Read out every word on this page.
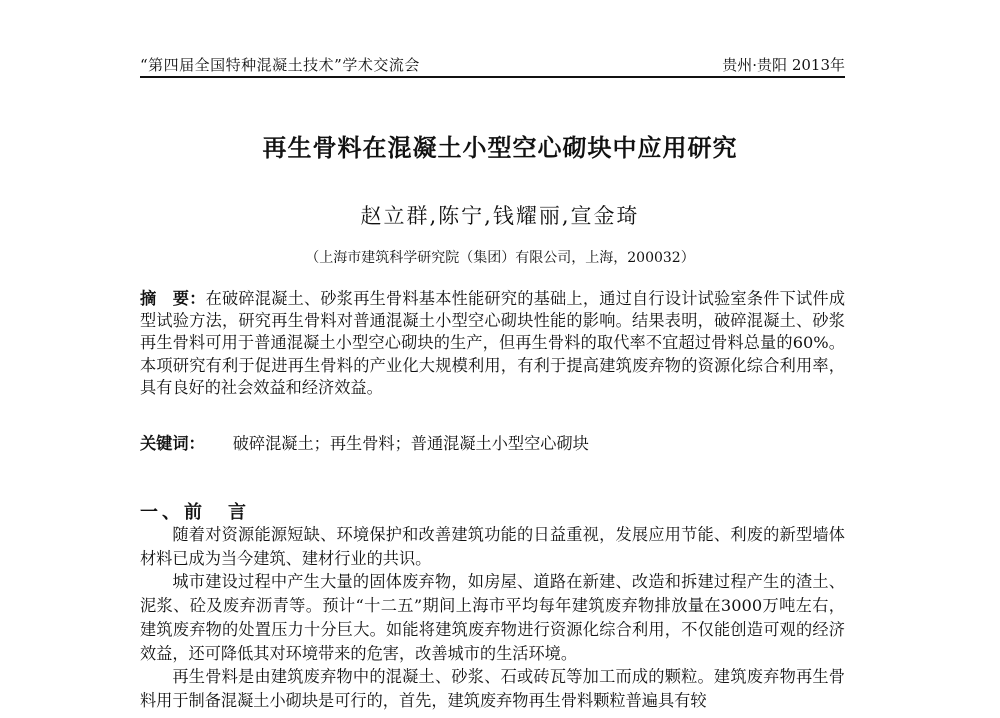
“第四届全国特种混凝土技术”学术交流会	贵州·贵阳 2013年
再生骨料在混凝土小型空心砌块中应用研究
赵立群,陈宁,钱耀丽,宣金琦
（上海市建筑科学研究院（集团）有限公司，上海，200032）
摘　要：在破碎混凝土、砂浆再生骨料基本性能研究的基础上，通过自行设计试验室条件下试件成型试验方法，研究再生骨料对普通混凝土小型空心砌块性能的影响。结果表明，破碎混凝土、砂浆再生骨料可用于普通混凝土小型空心砌块的生产，但再生骨料的取代率不宜超过骨料总量的60%。本项研究有利于促进再生骨料的产业化大规模利用，有利于提高建筑废弃物的资源化综合利用率，具有良好的社会效益和经济效益。
关键词： 破碎混凝土；再生骨料；普通混凝土小型空心砌块
一、前　言

随着对资源能源短缺、环境保护和改善建筑功能的日益重视，发展应用节能、利废的新型墙体材料已成为当今建筑、建材行业的共识。

城市建设过程中产生大量的固体废弃物，如房屋、道路在新建、改造和拆建过程产生的渣土、泥浆、砼及废弃沥青等。预计“十二五”期间上海市平均每年建筑废弃物排放量在3000万吨左右，建筑废弃物的处置压力十分巨大。如能将建筑废弃物进行资源化综合利用，不仅能创造可观的经济效益，还可降低其对环境带来的危害，改善城市的生活环境。

再生骨料是由建筑废弃物中的混凝土、砂浆、石或砖瓦等加工而成的颗粒。建筑废弃物再生骨料用于制备混凝土小砌块是可行的，首先，建筑废弃物再生骨料颗粒普遍具有较
